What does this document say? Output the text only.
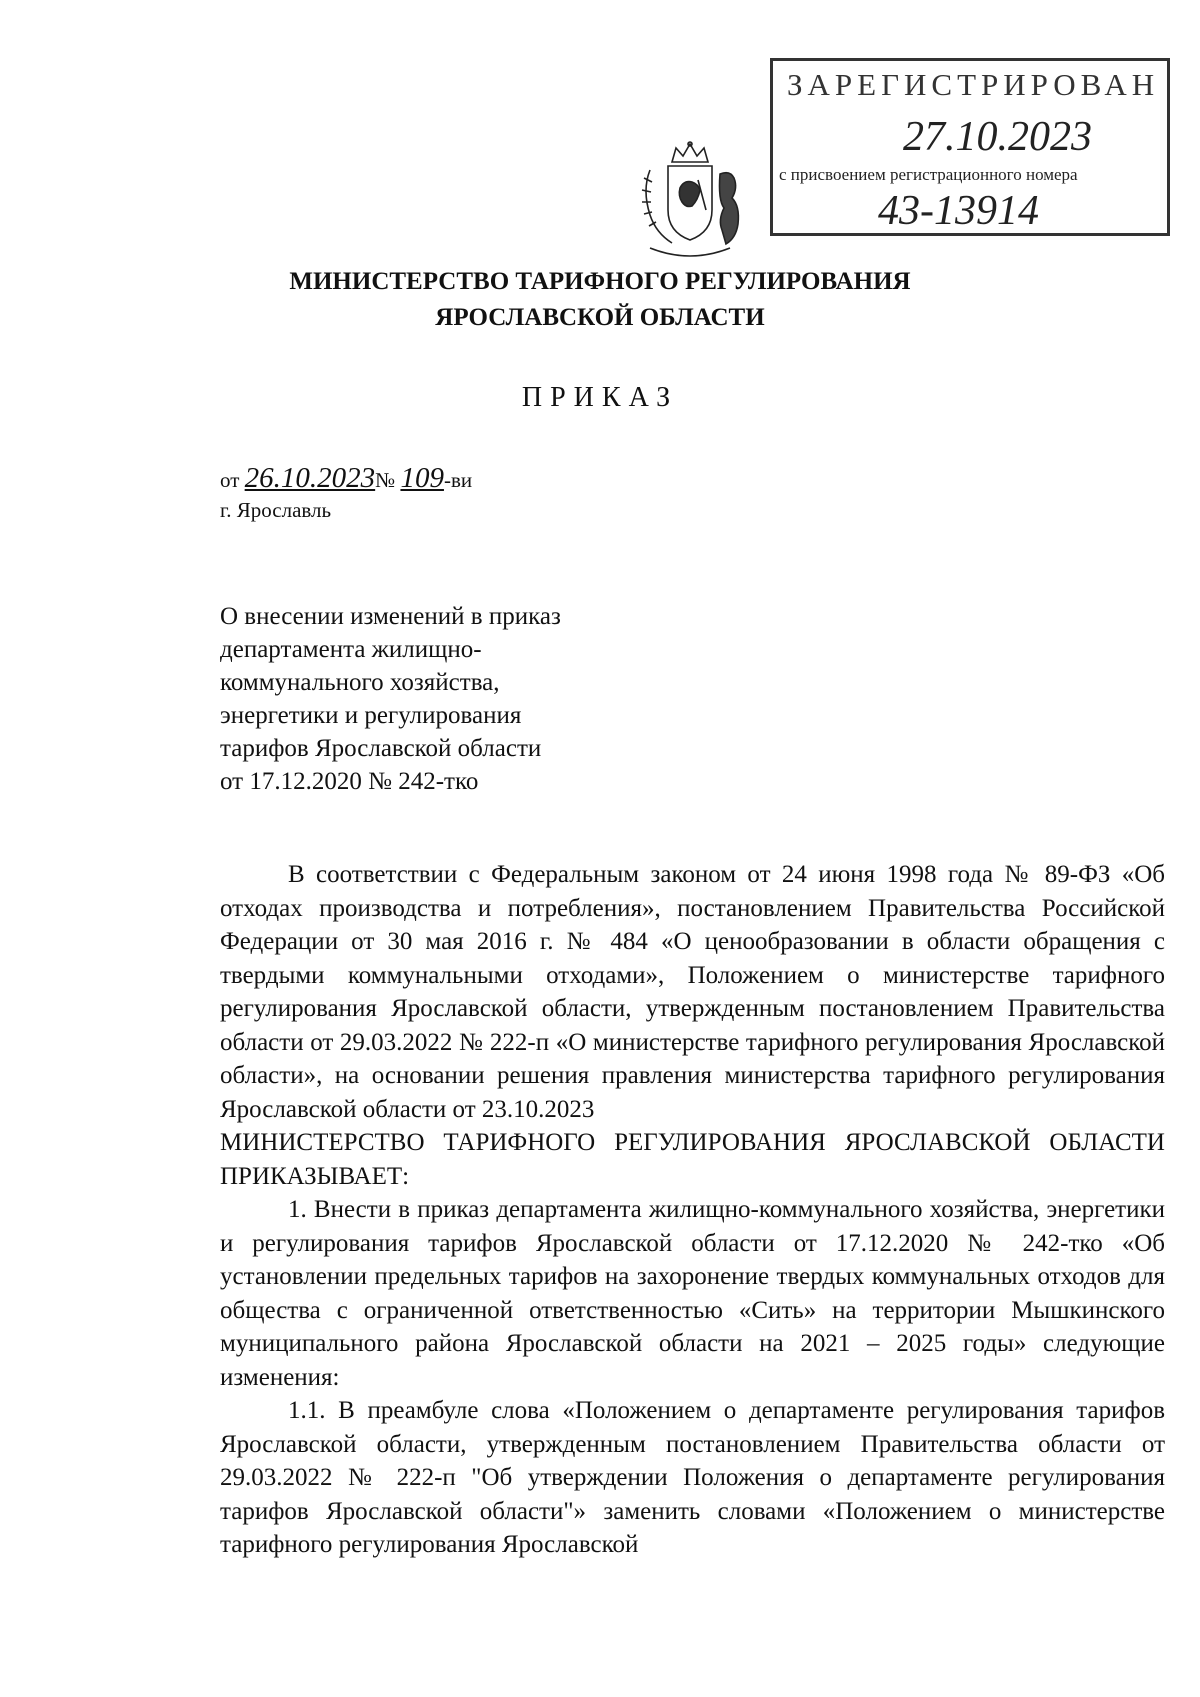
ЗАРЕГИСТРИРОВАН
27.10.2023
с присвоением регистрационного номера
43-13914
МИНИСТЕРСТВО ТАРИФНОГО РЕГУЛИРОВАНИЯ
ЯРОСЛАВСКОЙ ОБЛАСТИ
ПРИКАЗ
от 26.10.2023№ 109-ви
г. Ярославль
О внесении изменений в приказ
департамента жилищно-
коммунального хозяйства,
энергетики и регулирования
тарифов Ярославской области
от 17.12.2020 № 242-тко

В соответствии с Федеральным законом от 24 июня 1998 года № 89-ФЗ «Об отходах производства и потребления», постановлением Правительства Российской Федерации от 30 мая 2016 г. № 484 «О ценообразовании в области обращения с твердыми коммунальными отходами», Положением о министерстве тарифного регулирования Ярославской области, утвержденным постановлением Правительства области от 29.03.2022 № 222-п «О министерстве тарифного регулирования Ярославской области», на основании решения правления министерства тарифного регулирования Ярославской области от 23.10.2023

МИНИСТЕРСТВО ТАРИФНОГО РЕГУЛИРОВАНИЯ ЯРОСЛАВСКОЙ ОБЛАСТИ ПРИКАЗЫВАЕТ:

1. Внести в приказ департамента жилищно-коммунального хозяйства, энергетики и регулирования тарифов Ярославской области от 17.12.2020 № 242-тко «Об установлении предельных тарифов на захоронение твердых коммунальных отходов для общества с ограниченной ответственностью «Сить» на территории Мышкинского муниципального района Ярославской области на 2021 – 2025 годы» следующие изменения:

1.1. В преамбуле слова «Положением о департаменте регулирования тарифов Ярославской области, утвержденным постановлением Правительства области от 29.03.2022 № 222-п "Об утверждении Положения о департаменте регулирования тарифов Ярославской области"» заменить словами «Положением о министерстве тарифного регулирования Ярославской
